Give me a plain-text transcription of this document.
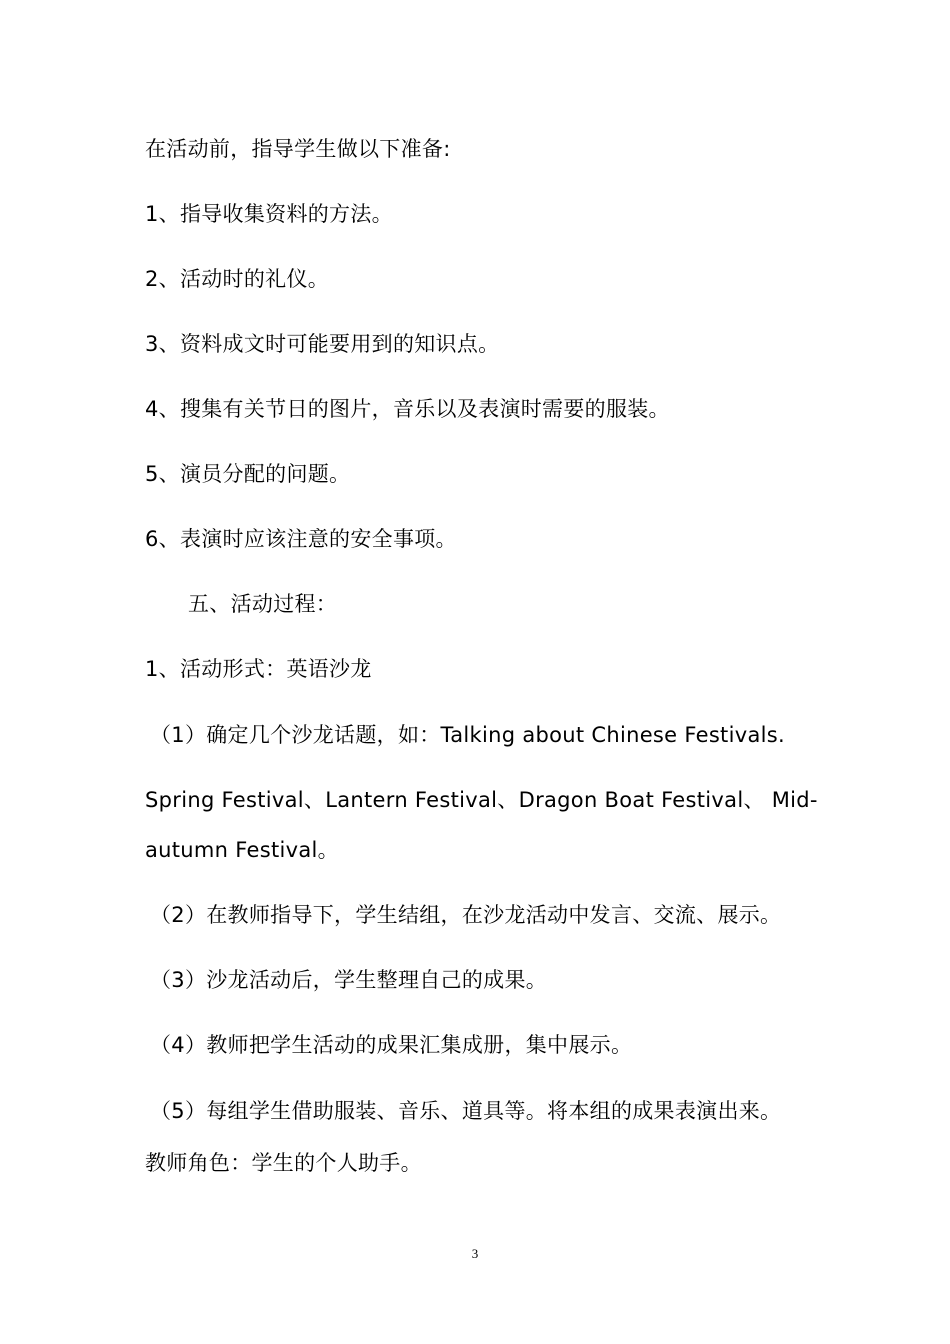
在活动前，指导学生做以下准备:
1、指导收集资料的方法。
2、活动时的礼仪。
3、资料成文时可能要用到的知识点。
4、搜集有关节日的图片，音乐以及表演时需要的服装。
5、演员分配的问题。
6、表演时应该注意的安全事项。
五、活动过程：
1、活动形式：英语沙龙
（1）确定几个沙龙话题，如：Talking about Chinese Festivals.
Spring Festival、Lantern Festival、Dragon Boat Festival、 Mid-
autumn Festival。
（2）在教师指导下，学生结组，在沙龙活动中发言、交流、展示。
（3）沙龙活动后，学生整理自己的成果。
（4）教师把学生活动的成果汇集成册，集中展示。
（5）每组学生借助服装、音乐、道具等。将本组的成果表演出来。
教师角色：学生的个人助手。
3
